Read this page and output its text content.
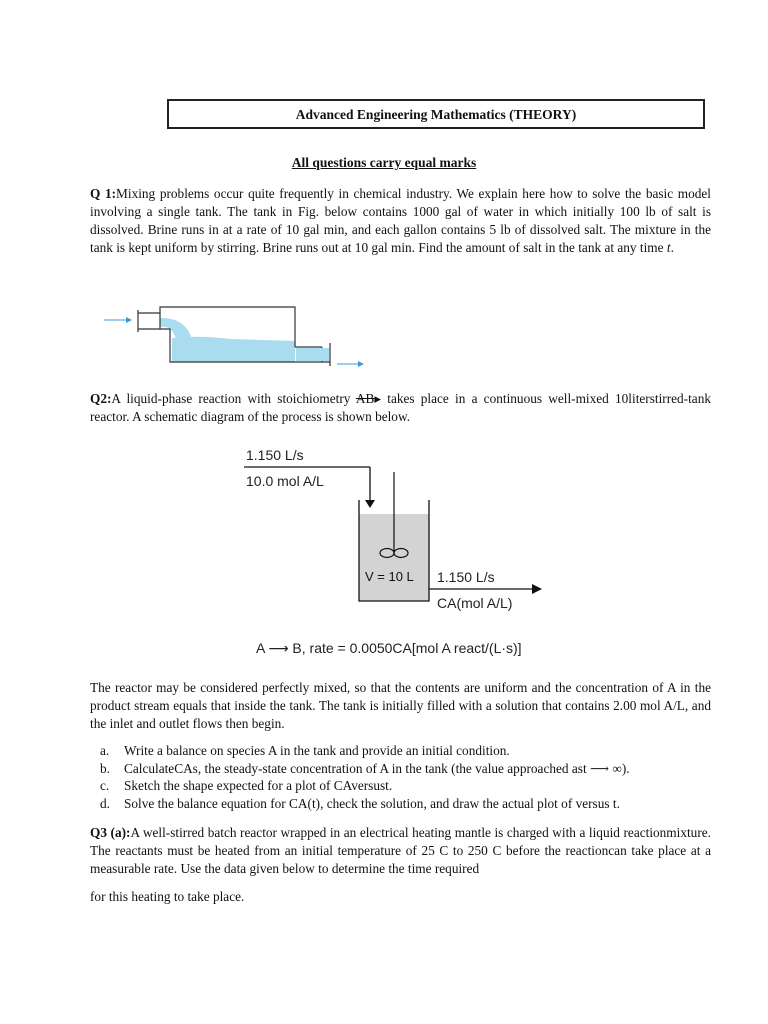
Advanced Engineering Mathematics (THEORY)
All questions carry equal marks
Q 1:Mixing problems occur quite frequently in chemical industry. We explain here how to solve the basic model involving a single tank. The tank in Fig. below contains 1000 gal of water in which initially 100 lb of salt is dissolved. Brine runs in at a rate of 10 gal min, and each gallon contains 5 lb of dissolved salt. The mixture in the tank is kept uniform by stirring. Brine runs out at 10 gal min. Find the amount of salt in the tank at any time t.
Q2:A liquid-phase reaction with stoichiometry AB▸ takes place in a continuous well-mixed 10literstirred-tank reactor. A schematic diagram of the process is shown below.
1.150 L/s
10.0 mol A/L
V = 10 L 1.150 L/s
CA(mol A/L)
A ⟶ B, rate = 0.0050CA[mol A react/(L·s)]
The reactor may be considered perfectly mixed, so that the contents are uniform and the concentration of A in the product stream equals that inside the tank. The tank is initially filled with a solution that contains 2.00 mol A/L, and the inlet and outlet flows then begin.
a.	Write a balance on species A in the tank and provide an initial condition.
b.	CalculateCAs, the steady-state concentration of A in the tank (the value approached ast ⟶ ∞).
c.	Sketch the shape expected for a plot of CAversust.
d.	Solve the balance equation for CA(t), check the solution, and draw the actual plot of versus t.
Q3 (a):A well-stirred batch reactor wrapped in an electrical heating mantle is charged with a liquid reactionmixture. The reactants must be heated from an initial temperature of 25 C to 250 C before the reactioncan take place at a measurable rate. Use the data given below to determine the time required
for this heating to take place.
